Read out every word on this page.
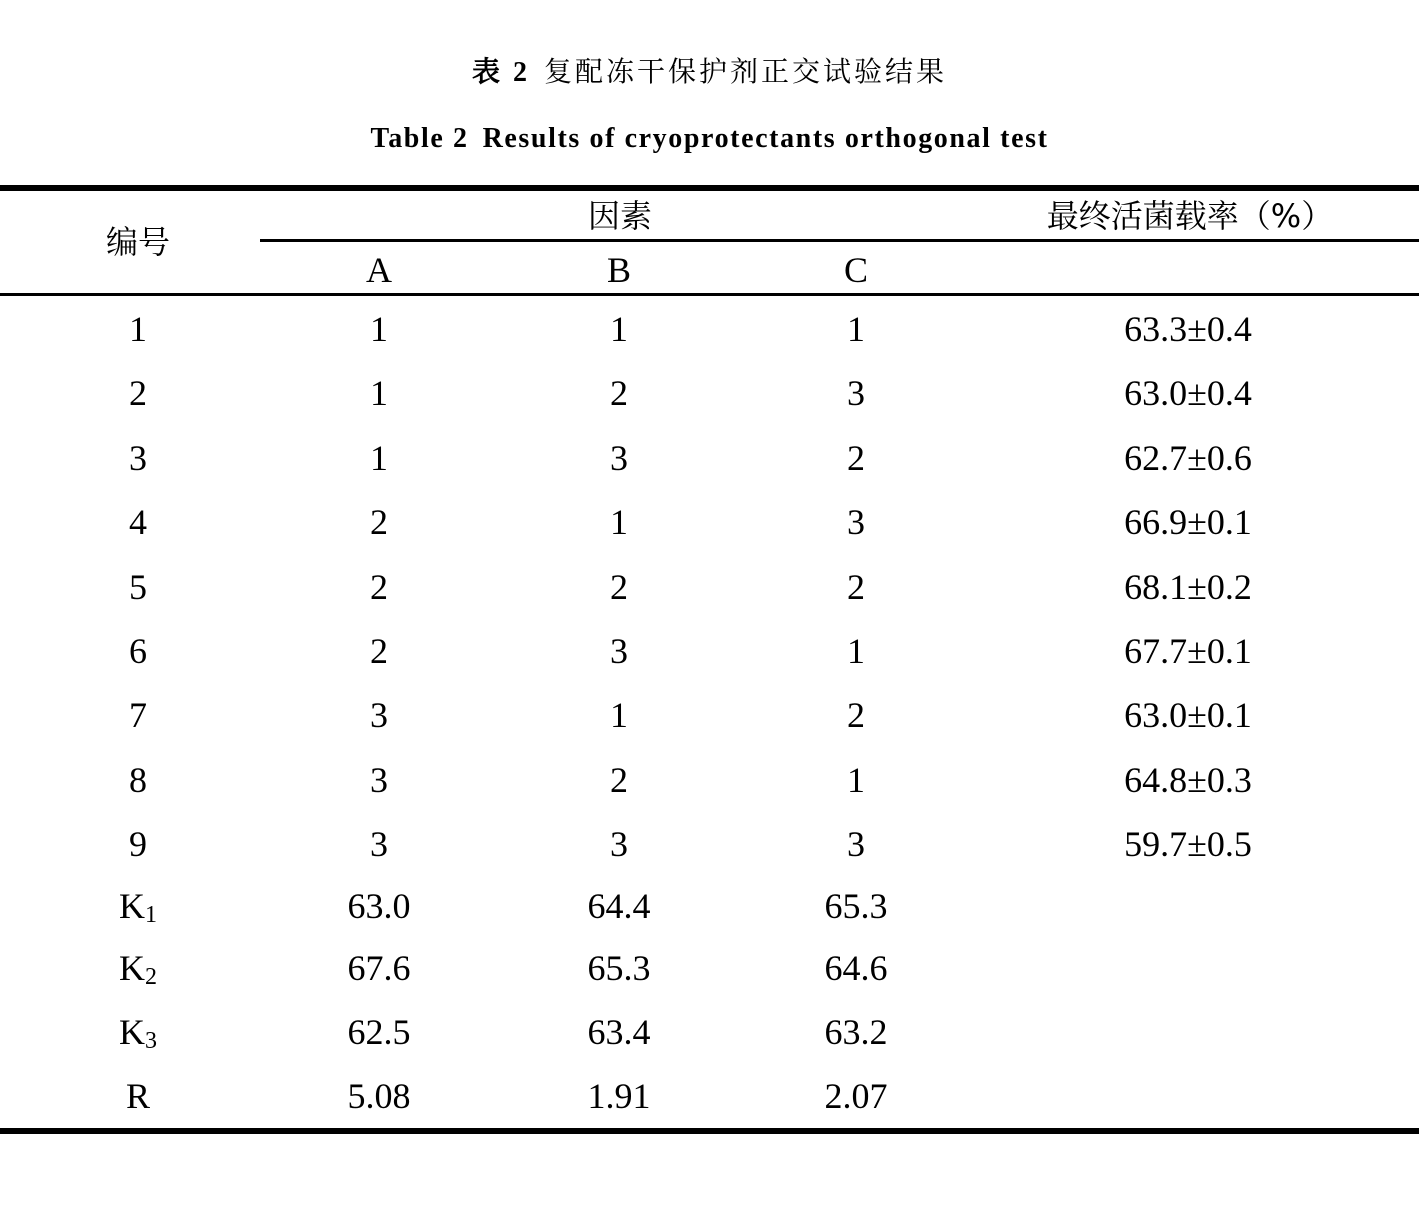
表 2 复配冻干保护剂正交试验结果
Table 2 Results of cryoprotectants orthogonal test
编号
因素	最终活菌载率（%）
A	B	C
1	1	1	1	63.3±0.4
2	1	2	3	63.0±0.4
3	1	3	2	62.7±0.6
4	2	1	3	66.9±0.1
5	2	2	2	68.1±0.2
6	2	3	1	67.7±0.1
7	3	1	2	63.0±0.1
8	3	2	1	64.8±0.3
9	3	3	3	59.7±0.5
$K_1$	63.0	64.4	65.3
$K_2$	67.6	65.3	64.6
$K_3$	62.5	63.4	63.2
R	5.08	1.91	2.07
